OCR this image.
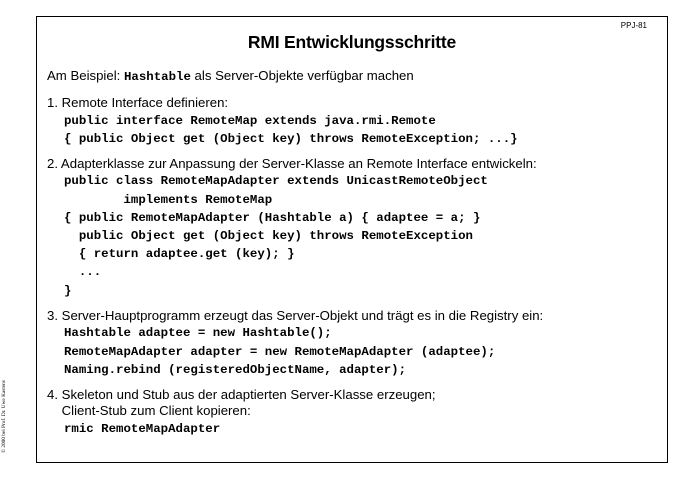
© 2000 bei Prof. Dr. Uwe Kastens
PPJ-81
RMI Entwicklungsschritte
Am Beispiel: Hashtable als Server-Objekte verfügbar machen
1. Remote Interface definieren:
public interface RemoteMap extends java.rmi.Remote
{ public Object get (Object key) throws RemoteException; ...}
2. Adapterklasse zur Anpassung der Server-Klasse an Remote Interface entwickeln:
public class RemoteMapAdapter extends UnicastRemoteObject
implements RemoteMap
{ public RemoteMapAdapter (Hashtable a) { adaptee = a; }
public Object get (Object key) throws RemoteException
{ return adaptee.get (key); }
...
}
3. Server-Hauptprogramm erzeugt das Server-Objekt und trägt es in die Registry ein:
Hashtable adaptee = new Hashtable();
RemoteMapAdapter adapter = new RemoteMapAdapter (adaptee);
Naming.rebind (registeredObjectName, adapter);
4. Skeleton und Stub aus der adaptierten Server-Klasse erzeugen;
Client-Stub zum Client kopieren:
rmic RemoteMapAdapter
